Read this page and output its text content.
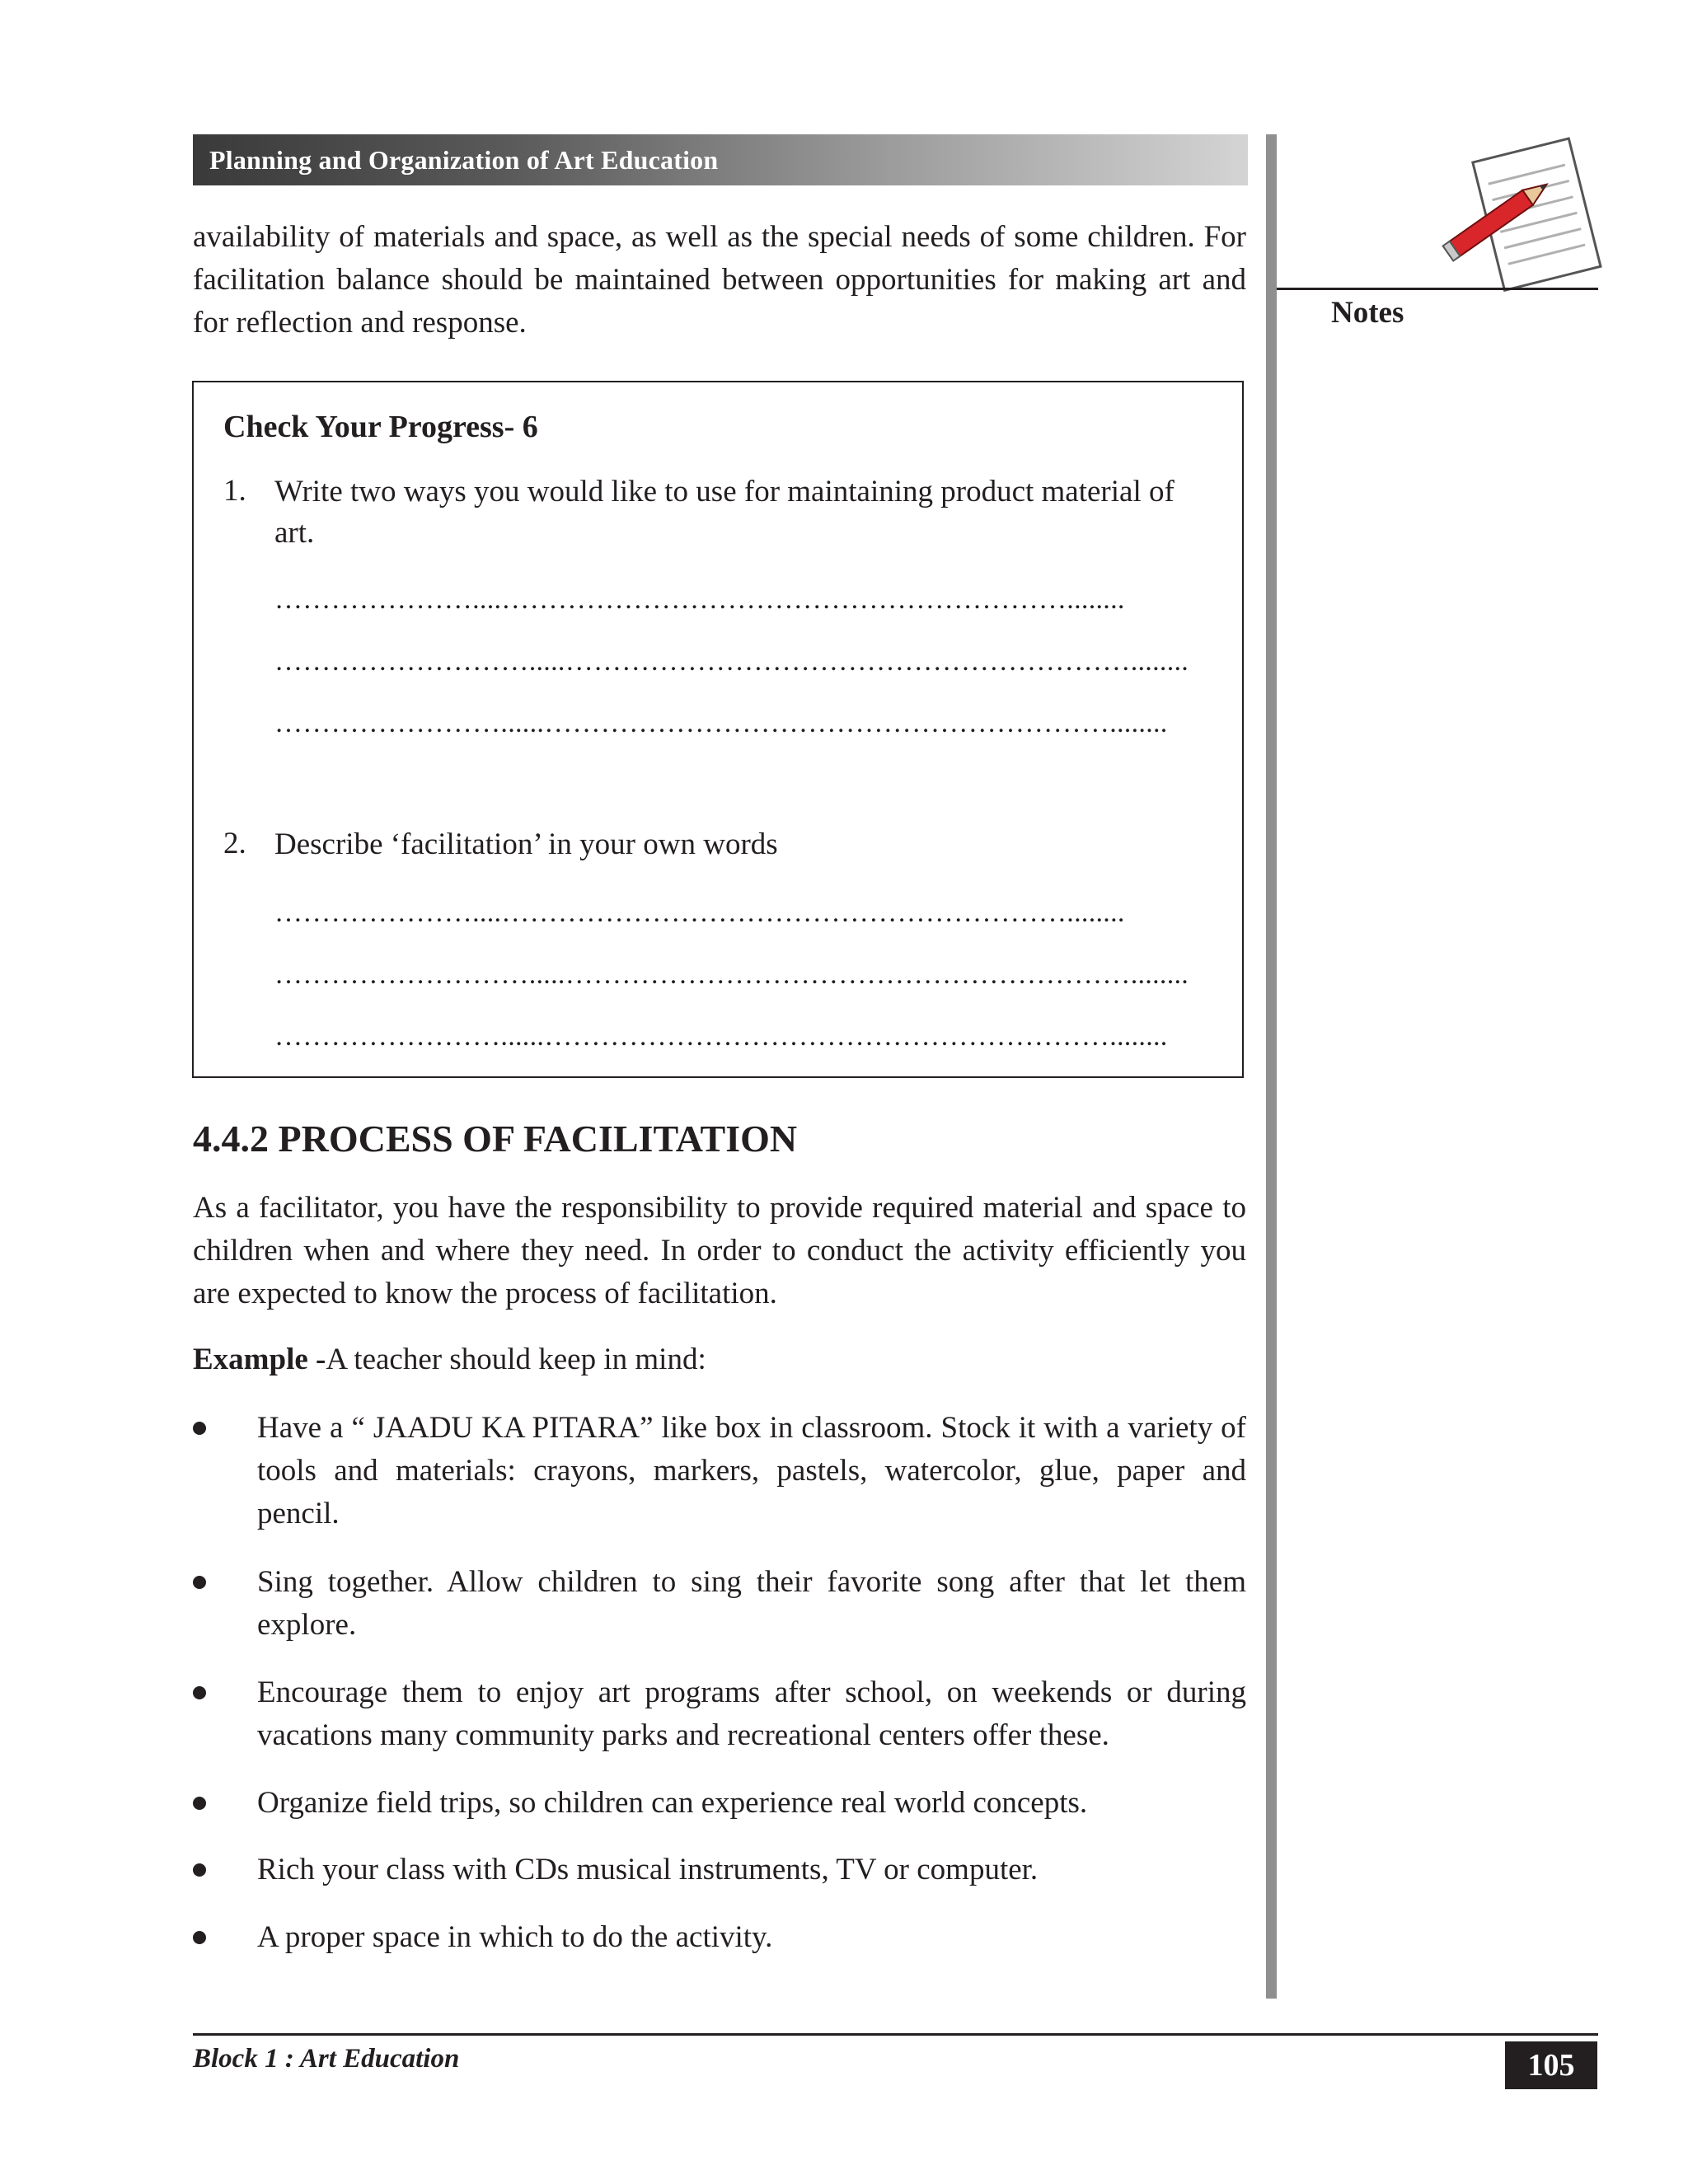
Planning and Organization of Art Education
Notes

availability of materials and space, as well as the special needs of some children. For facilitation balance should be maintained between opportunities for making art and for reflection and response.

Check Your Progress- 6
1. Write two ways you would like to use for maintaining product material of art.
…………………....……………………………………………………........
……………………….....……………………………………………………........
……………………......……………………………………………………........
2. Describe ‘facilitation’ in your own words
…………………....……………………………………………………........
……………………….....……………………………………………………........
……………………......……………………………………………………........
4.4.2 PROCESS OF FACILITATION

As a facilitator, you have the responsibility to provide required material and space to children when and where they need. In order to conduct the activity efficiently you are expected to know the process of facilitation.

Example -A teacher should keep in mind:

Have a “ JAADU KA PITARA” like box in classroom. Stock it with a variety of tools and materials: crayons, markers, pastels, watercolor, glue, paper and pencil.
Sing together. Allow children to sing their favorite song after that let them explore.
Encourage them to enjoy art programs after school, on weekends or during vacations many community parks and recreational centers offer these.
Organize field trips, so children can experience real world concepts.
Rich your class with CDs musical instruments, TV or computer.
A proper space in which to do the activity.
Block 1 : Art Education	105
